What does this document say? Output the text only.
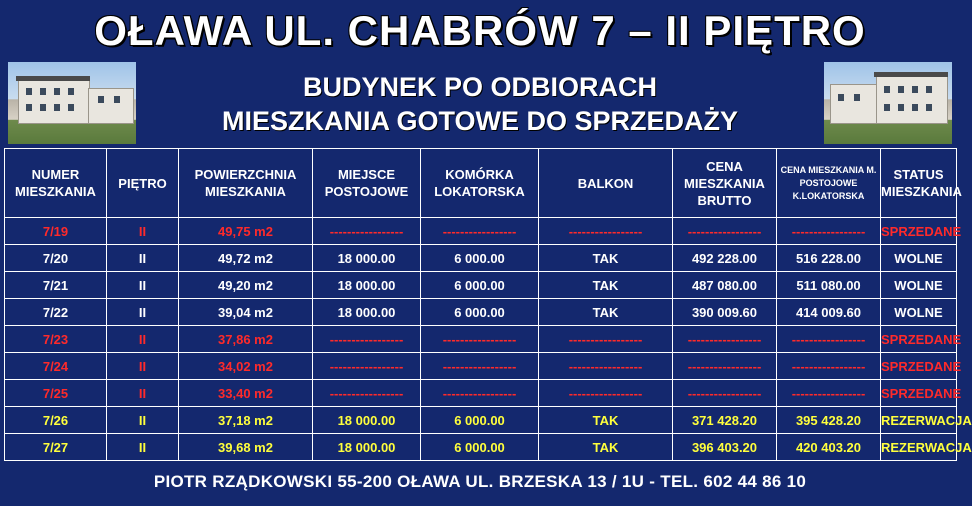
OŁAWA UL. CHABRÓW 7 – II PIĘTRO
BUDYNEK PO ODBIORACH
MIESZKANIA GOTOWE DO SPRZEDAŻY
NUMER MIESZKANIA	PIĘTRO	POWIERZCHNIA MIESZKANIA	MIEJSCE POSTOJOWE	KOMÓRKA LOKATORSKA	BALKON	CENA MIESZKANIA BRUTTO	CENA MIESZKANIA M. POSTOJOWE K.LOKATORSKA	STATUS MIESZKANIA
7/19	II	49,75 m2	-----------------	-----------------	-----------------	-----------------	-----------------	SPRZEDANE
7/20	II	49,72 m2	18 000.00	6 000.00	TAK	492 228.00	516 228.00	WOLNE
7/21	II	49,20 m2	18 000.00	6 000.00	TAK	487 080.00	511 080.00	WOLNE
7/22	II	39,04 m2	18 000.00	6 000.00	TAK	390 009.60	414 009.60	WOLNE
7/23	II	37,86 m2	-----------------	-----------------	-----------------	-----------------	-----------------	SPRZEDANE
7/24	II	34,02 m2	-----------------	-----------------	-----------------	-----------------	-----------------	SPRZEDANE
7/25	II	33,40 m2	-----------------	-----------------	-----------------	-----------------	-----------------	SPRZEDANE
7/26	II	37,18 m2	18 000.00	6 000.00	TAK	371 428.20	395 428.20	REZERWACJA
7/27	II	39,68 m2	18 000.00	6 000.00	TAK	396 403.20	420 403.20	REZERWACJA
PIOTR RZĄDKOWSKI 55-200 OŁAWA UL. BRZESKA 13 / 1U - TEL. 602 44 86 10
